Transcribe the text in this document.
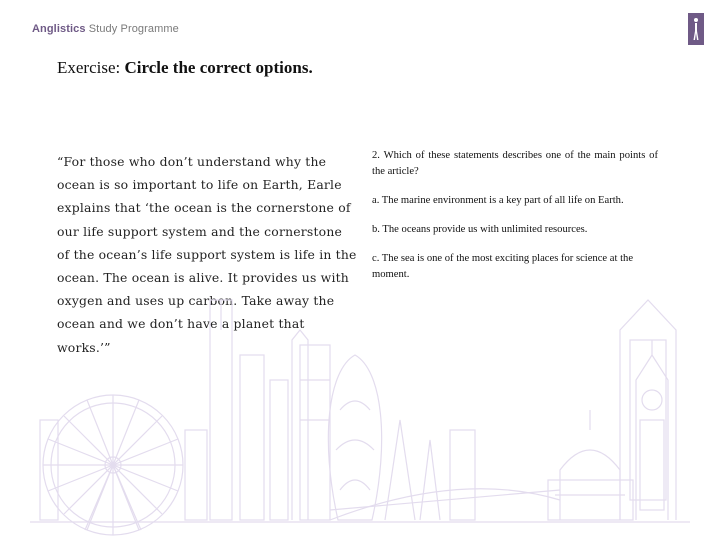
Anglistics Study Programme
Exercise: Circle the correct options.
“For those who don’t understand why the ocean is so important to life on Earth, Earle explains that ‘the ocean is the cornerstone of our life support system and the cornerstone of the ocean’s life support system is life in the ocean. The ocean is alive. It provides us with oxygen and uses up carbon. Take away the ocean and we don’t have a planet that works.’”
2. Which of these statements describes one of the main points of the article?
a. The marine environment is a key part of all life on Earth.
b. The oceans provide us with unlimited resources.
c. The sea is one of the most exciting places for science at the moment.
